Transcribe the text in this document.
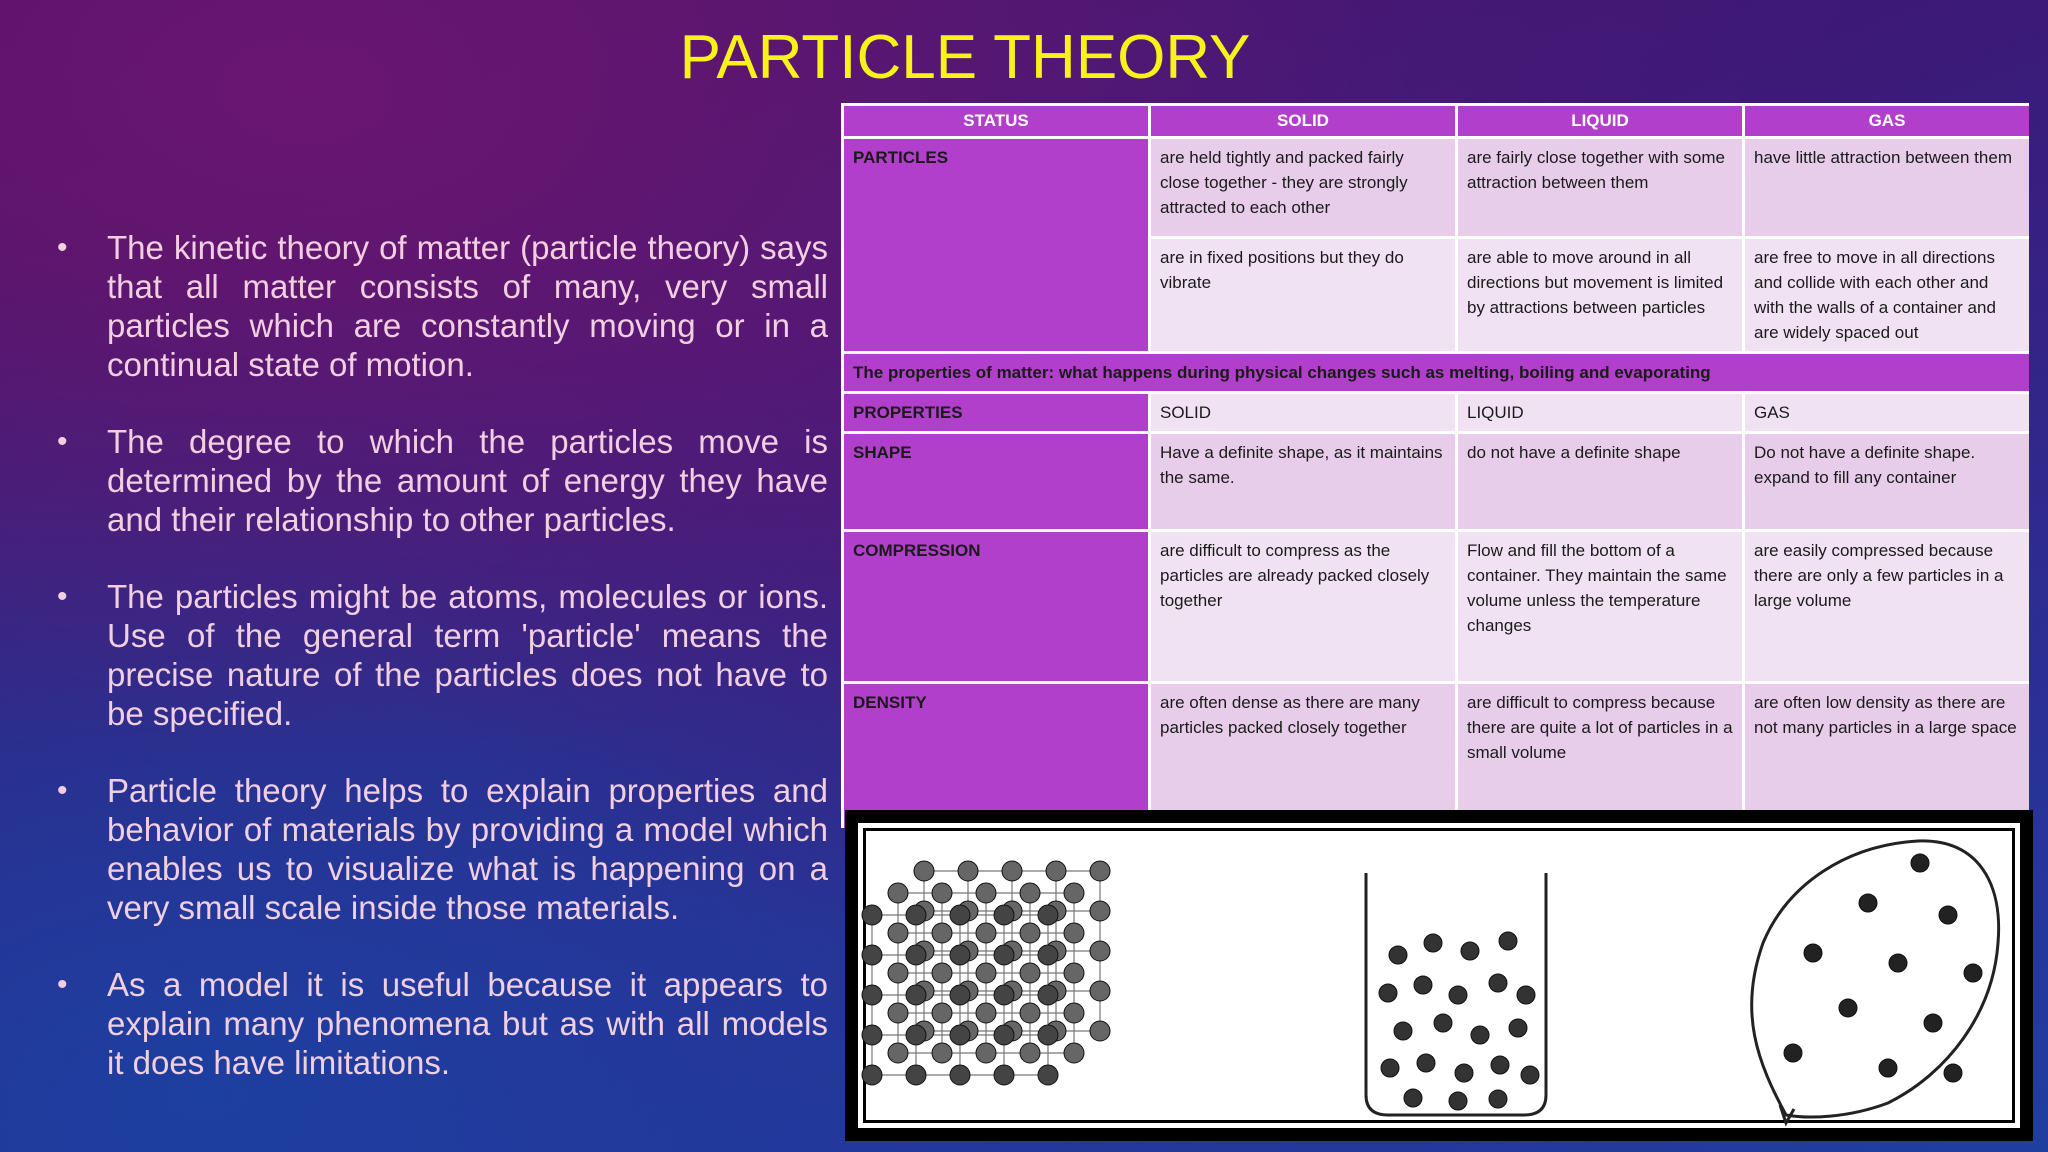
PARTICLE THEORY
• The kinetic theory of matter (particle theory) says that all matter consists of many, very small particles which are constantly moving or in a continual state of motion.
• The degree to which the particles move is determined by the amount of energy they have and their relationship to other particles.
• The particles might be atoms, molecules or ions. Use of the general term 'particle' means the precise nature of the particles does not have to be specified.
• Particle theory helps to explain properties and behavior of materials by providing a model which enables us to visualize what is happening on a very small scale inside those materials.
• As a model it is useful because it appears to explain many phenomena but as with all models it does have limitations.
STATUS	SOLID	LIQUID	GAS
PARTICLES	are held tightly and packed fairly close together - they are strongly attracted to each other	are fairly close together with some attraction between them	have little attraction between them
	are in fixed positions but they do vibrate	are able to move around in all directions but movement is limited by attractions between particles	are free to move in all directions and collide with each other and with the walls of a container and are widely spaced out
The properties of matter: what happens during physical changes such as melting, boiling and evaporating			
PROPERTIES	SOLID	LIQUID	GAS
SHAPE	Have a definite shape, as it maintains the same.	do not have a definite shape	Do not have a definite shape. expand to fill any container
COMPRESSION	are difficult to compress as the particles are already packed closely together	Flow and fill the bottom of a container. They maintain the same volume unless the temperature changes	are easily compressed because there are only a few particles in a large volume
DENSITY	are often dense as there are many particles packed closely together	are difficult to compress because there are quite a lot of particles in a small volume	are often low density as there are not many particles in a large space
